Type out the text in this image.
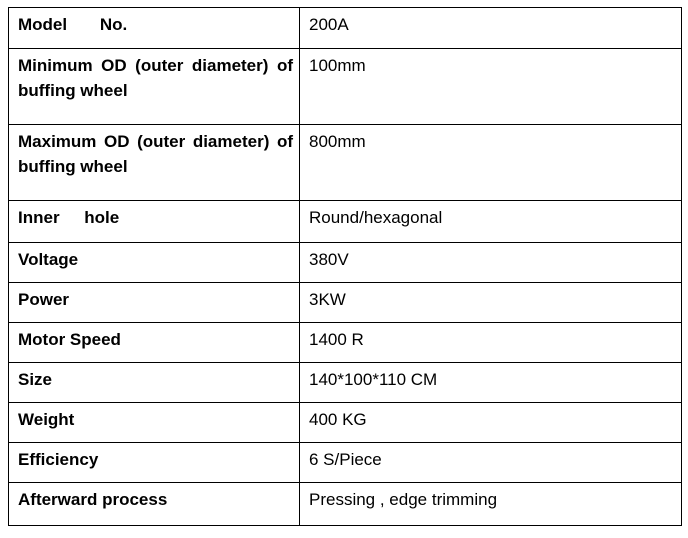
Model No.	200A
Minimum OD (outer diameter) of buffing wheel	100mm
Maximum OD (outer diameter) of buffing wheel	800mm
Inner hole	Round/hexagonal
Voltage	380V
Power	3KW
Motor Speed	1400 R
Size	140*100*110 CM
Weight	400 KG
Efficiency	6 S/Piece
Afterward process	Pressing , edge trimming
